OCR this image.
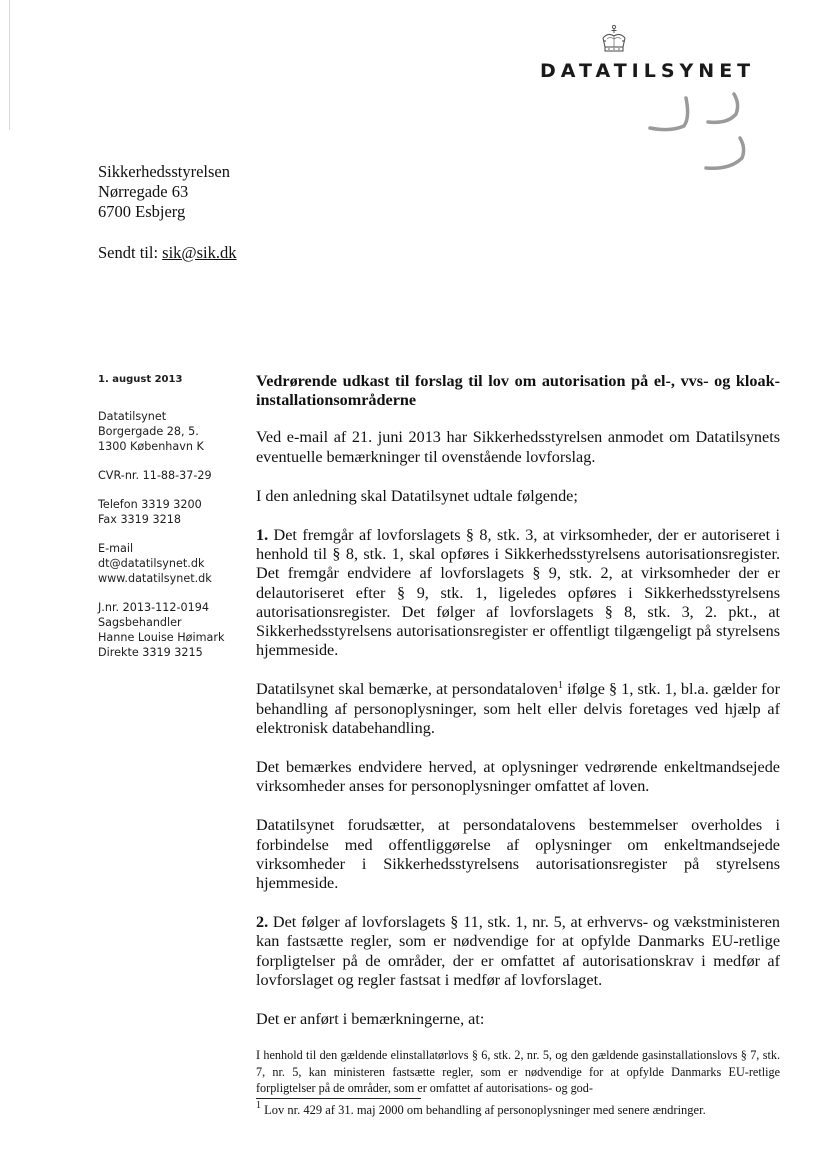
DATATILSYNET
Sikkerhedsstyrelsen
Nørregade 63
6700 Esbjerg
Sendt til: sik@sik.dk
1. august 2013
Datatilsynet
Borgergade 28, 5.
1300 København K
CVR-nr. 11-88-37-29
Telefon 3319 3200
Fax 3319 3218
E-mail
dt@datatilsynet.dk
www.datatilsynet.dk
J.nr. 2013-112-0194
Sagsbehandler
Hanne Louise Høimark
Direkte 3319 3215
Vedrørende udkast til forslag til lov om autorisation på el-, vvs- og kloak-installationsområderne

Ved e-mail af 21. juni 2013 har Sikkerhedsstyrelsen anmodet om Datatilsynets eventuelle bemærkninger til ovenstående lovforslag.

I den anledning skal Datatilsynet udtale følgende;

1. Det fremgår af lovforslagets § 8, stk. 3, at virksomheder, der er autoriseret i henhold til § 8, stk. 1, skal opføres i Sikkerhedsstyrelsens autorisationsregister. Det fremgår endvidere af lovforslagets § 9, stk. 2, at virksomheder der er delautoriseret efter § 9, stk. 1, ligeledes opføres i Sikkerhedsstyrelsens autorisationsregister. Det følger af lovforslagets § 8, stk. 3, 2. pkt., at Sikkerhedsstyrelsens autorisationsregister er offentligt tilgængeligt på styrelsens hjemmeside.

Datatilsynet skal bemærke, at persondataloven$^1$ ifølge § 1, stk. 1, bl.a. gælder for behandling af personoplysninger, som helt eller delvis foretages ved hjælp af elektronisk databehandling.

Det bemærkes endvidere herved, at oplysninger vedrørende enkeltmandsejede virksomheder anses for personoplysninger omfattet af loven.

Datatilsynet forudsætter, at persondatalovens bestemmelser overholdes i forbindelse med offentliggørelse af oplysninger om enkeltmandsejede virksomheder i Sikkerhedsstyrelsens autorisationsregister på styrelsens hjemmeside.

2. Det følger af lovforslagets § 11, stk. 1, nr. 5, at erhvervs- og vækstministeren kan fastsætte regler, som er nødvendige for at opfylde Danmarks EU-retlige forpligtelser på de områder, der er omfattet af autorisationskrav i medfør af lovforslaget og regler fastsat i medfør af lovforslaget.

Det er anført i bemærkningerne, at:

I henhold til den gældende elinstallatørlovs § 6, stk. 2, nr. 5, og den gældende gasinstallationslovs § 7, stk. 7, nr. 5, kan ministeren fastsætte regler, som er nødvendige for at opfylde Danmarks EU-retlige forpligtelser på de områder, som er omfattet af autorisations- og god-
$^1$ Lov nr. 429 af 31. maj 2000 om behandling af personoplysninger med senere ændringer.
